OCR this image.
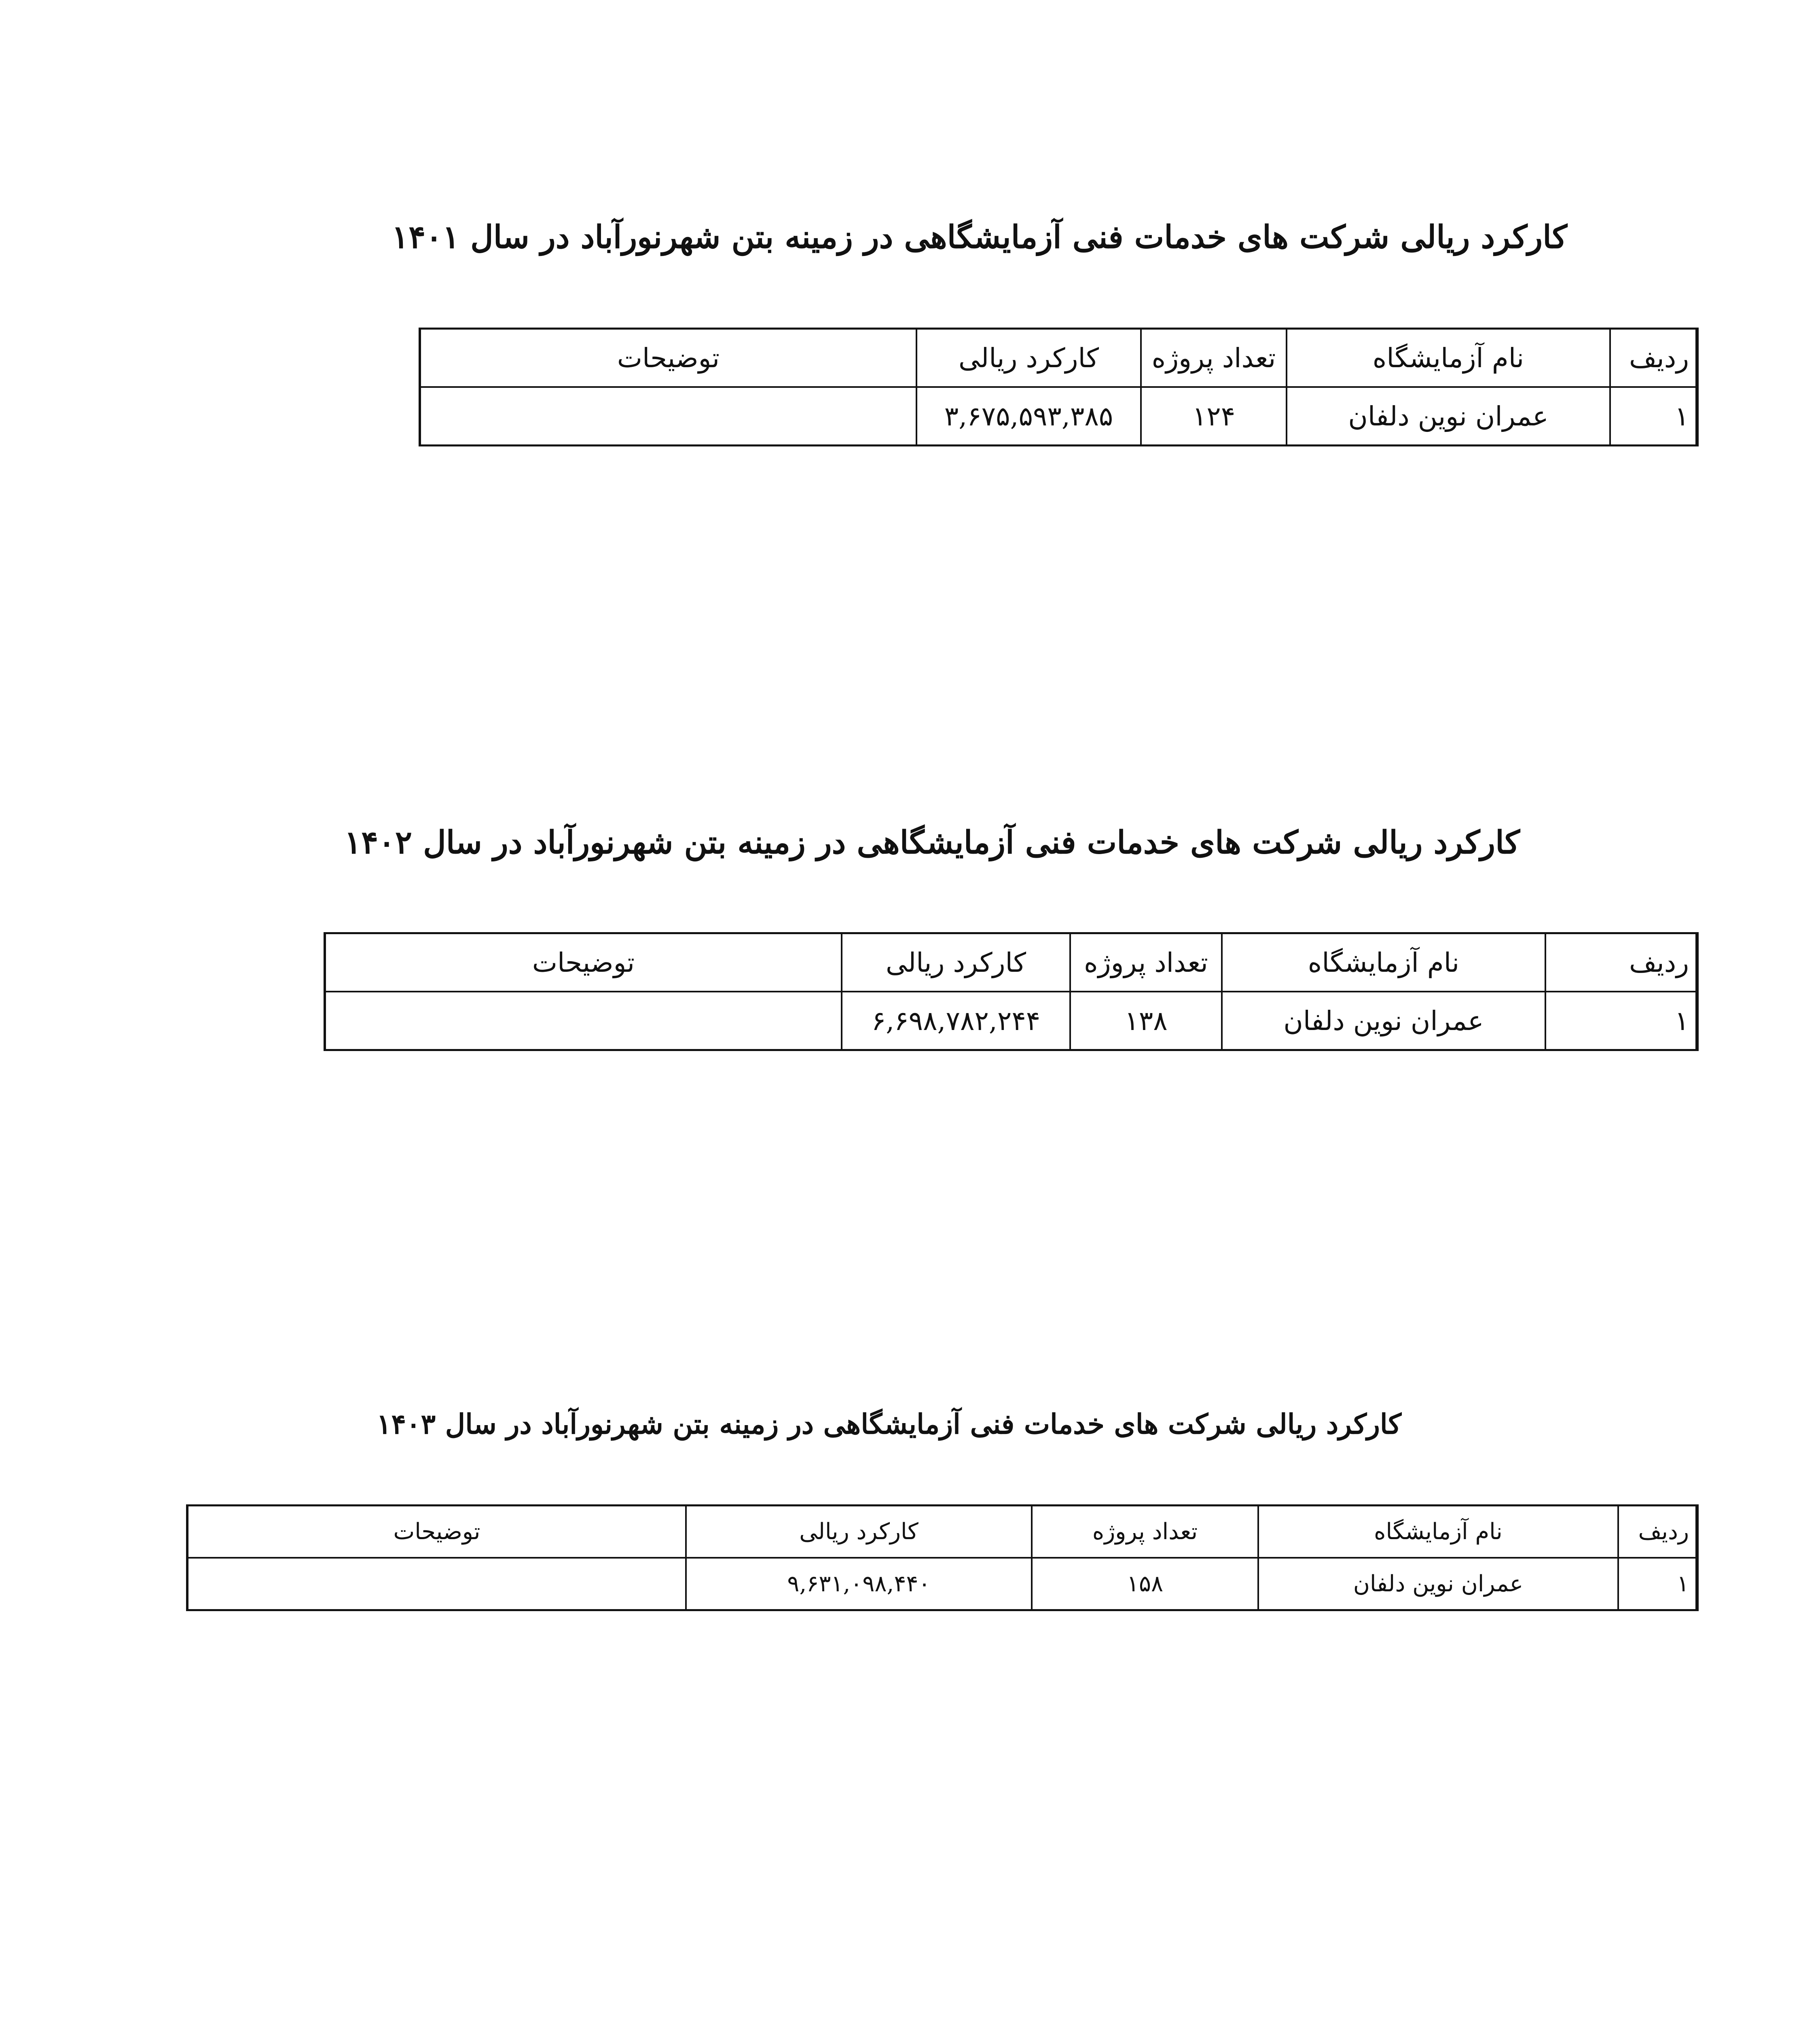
کارکرد ریالی شرکت های خدمات فنی آزمایشگاهی در زمینه بتن شهرنورآباد در سال ۱۴۰۱
ردیف	نام آزمایشگاه	تعداد پروژه	کارکرد ریالی	توضیحات
۱	عمران نوین دلفان	۱۲۴	۳,۶۷۵,۵۹۳,۳۸۵	
کارکرد ریالی شرکت های خدمات فنی آزمایشگاهی در زمینه بتن شهرنورآباد در سال ۱۴۰۲
ردیف	نام آزمایشگاه	تعداد پروژه	کارکرد ریالی	توضیحات
۱	عمران نوین دلفان	۱۳۸	۶,۶۹۸,۷۸۲,۲۴۴	
کارکرد ریالی شرکت های خدمات فنی آزمایشگاهی در زمینه بتن شهرنورآباد در سال ۱۴۰۳
ردیف	نام آزمایشگاه	تعداد پروژه	کارکرد ریالی	توضیحات
۱	عمران نوین دلفان	۱۵۸	۹,۶۳۱,۰۹۸,۴۴۰	
